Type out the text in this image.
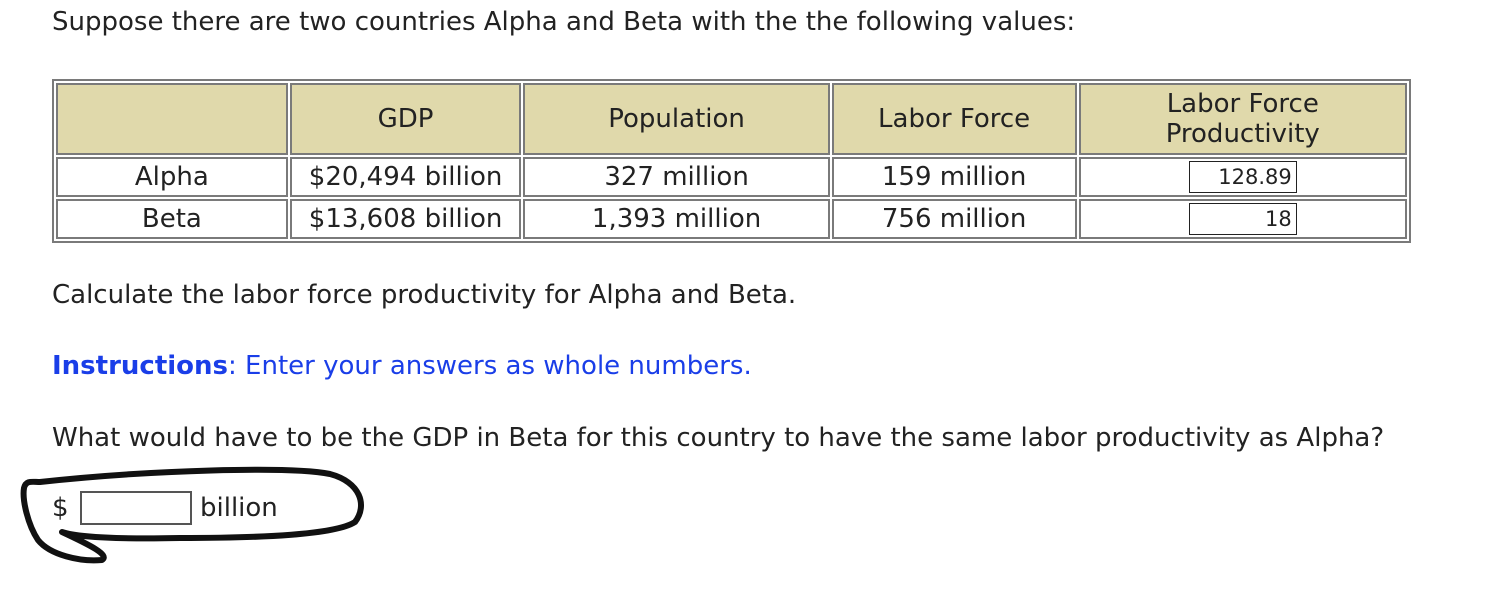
Suppose there are two countries Alpha and Beta with the the following values:
	GDP	Population	Labor Force	Labor Force
Productivity
Alpha	$20,494 billion	327 million	159 million	128.89
Beta	$13,608 billion	1,393 million	756 million	18
Calculate the labor force productivity for Alpha and Beta.
Instructions: Enter your answers as whole numbers.
What would have to be the GDP in Beta for this country to have the same labor productivity as Alpha?
$	billion
